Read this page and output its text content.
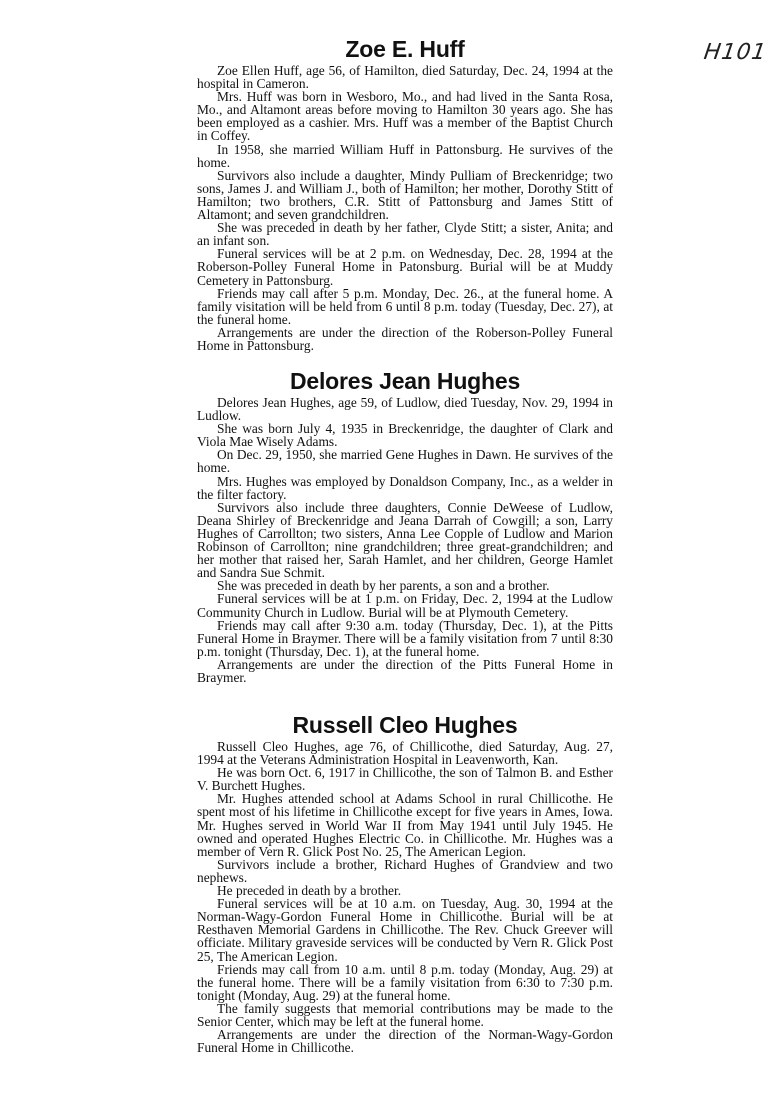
H101
Zoe E. Huff

Zoe Ellen Huff, age 56, of Hamilton, died Saturday, Dec. 24, 1994 at the hospital in Cameron.

Mrs. Huff was born in Wesboro, Mo., and had lived in the Santa Rosa, Mo., and Altamont areas before moving to Hamilton 30 years ago. She has been employed as a cashier. Mrs. Huff was a member of the Baptist Church in Coffey.

In 1958, she married William Huff in Pattonsburg. He survives of the home.

Survivors also include a daughter, Mindy Pulliam of Breckenridge; two sons, James J. and William J., both of Hamilton; her mother, Dorothy Stitt of Hamilton; two brothers, C.R. Stitt of Pattonsburg and James Stitt of Altamont; and seven grandchildren.

She was preceded in death by her father, Clyde Stitt; a sister, Anita; and an infant son.

Funeral services will be at 2 p.m. on Wednesday, Dec. 28, 1994 at the Roberson-Polley Funeral Home in Patonsburg. Burial will be at Muddy Cemetery in Pattonsburg.

Friends may call after 5 p.m. Monday, Dec. 26., at the funeral home. A family visitation will be held from 6 until 8 p.m. today (Tuesday, Dec. 27), at the funeral home.

Arrangements are under the direction of the Roberson-Polley Funeral Home in Pattonsburg.

Delores Jean Hughes

Delores Jean Hughes, age 59, of Ludlow, died Tuesday, Nov. 29, 1994 in Ludlow.

She was born July 4, 1935 in Breckenridge, the daughter of Clark and Viola Mae Wisely Adams.

On Dec. 29, 1950, she married Gene Hughes in Dawn. He survives of the home.

Mrs. Hughes was employed by Donaldson Company, Inc., as a welder in the filter factory.

Survivors also include three daughters, Connie DeWeese of Ludlow, Deana Shirley of Breckenridge and Jeana Darrah of Cowgill; a son, Larry Hughes of Carrollton; two sisters, Anna Lee Copple of Ludlow and Marion Robinson of Carrollton; nine grandchildren; three great-grandchildren; and her mother that raised her, Sarah Hamlet, and her children, George Hamlet and Sandra Sue Schmit.

She was preceded in death by her parents, a son and a brother.

Funeral services will be at 1 p.m. on Friday, Dec. 2, 1994 at the Ludlow Community Church in Ludlow. Burial will be at Plymouth Cemetery.

Friends may call after 9:30 a.m. today (Thursday, Dec. 1), at the Pitts Funeral Home in Braymer. There will be a family visitation from 7 until 8:30 p.m. tonight (Thursday, Dec. 1), at the funeral home.

Arrangements are under the direction of the Pitts Funeral Home in Braymer.

Russell Cleo Hughes

Russell Cleo Hughes, age 76, of Chillicothe, died Saturday, Aug. 27, 1994 at the Veterans Administration Hospital in Leavenworth, Kan.

He was born Oct. 6, 1917 in Chillicothe, the son of Talmon B. and Esther V. Burchett Hughes.

Mr. Hughes attended school at Adams School in rural Chillicothe. He spent most of his lifetime in Chillicothe except for five years in Ames, Iowa. Mr. Hughes served in World War II from May 1941 until July 1945. He owned and operated Hughes Electric Co. in Chillicothe. Mr. Hughes was a member of Vern R. Glick Post No. 25, The American Legion.

Survivors include a brother, Richard Hughes of Grandview and two nephews.

He preceded in death by a brother.

Funeral services will be at 10 a.m. on Tuesday, Aug. 30, 1994 at the Norman-Wagy-Gordon Funeral Home in Chillicothe. Burial will be at Resthaven Memorial Gardens in Chillicothe. The Rev. Chuck Greever will officiate. Military graveside services will be conducted by Vern R. Glick Post 25, The American Legion.

Friends may call from 10 a.m. until 8 p.m. today (Monday, Aug. 29) at the funeral home. There will be a family visitation from 6:30 to 7:30 p.m. tonight (Monday, Aug. 29) at the funeral home.

The family suggests that memorial contributions may be made to the Senior Center, which may be left at the funeral home.

Arrangements are under the direction of the Norman-Wagy-Gordon Funeral Home in Chillicothe.
